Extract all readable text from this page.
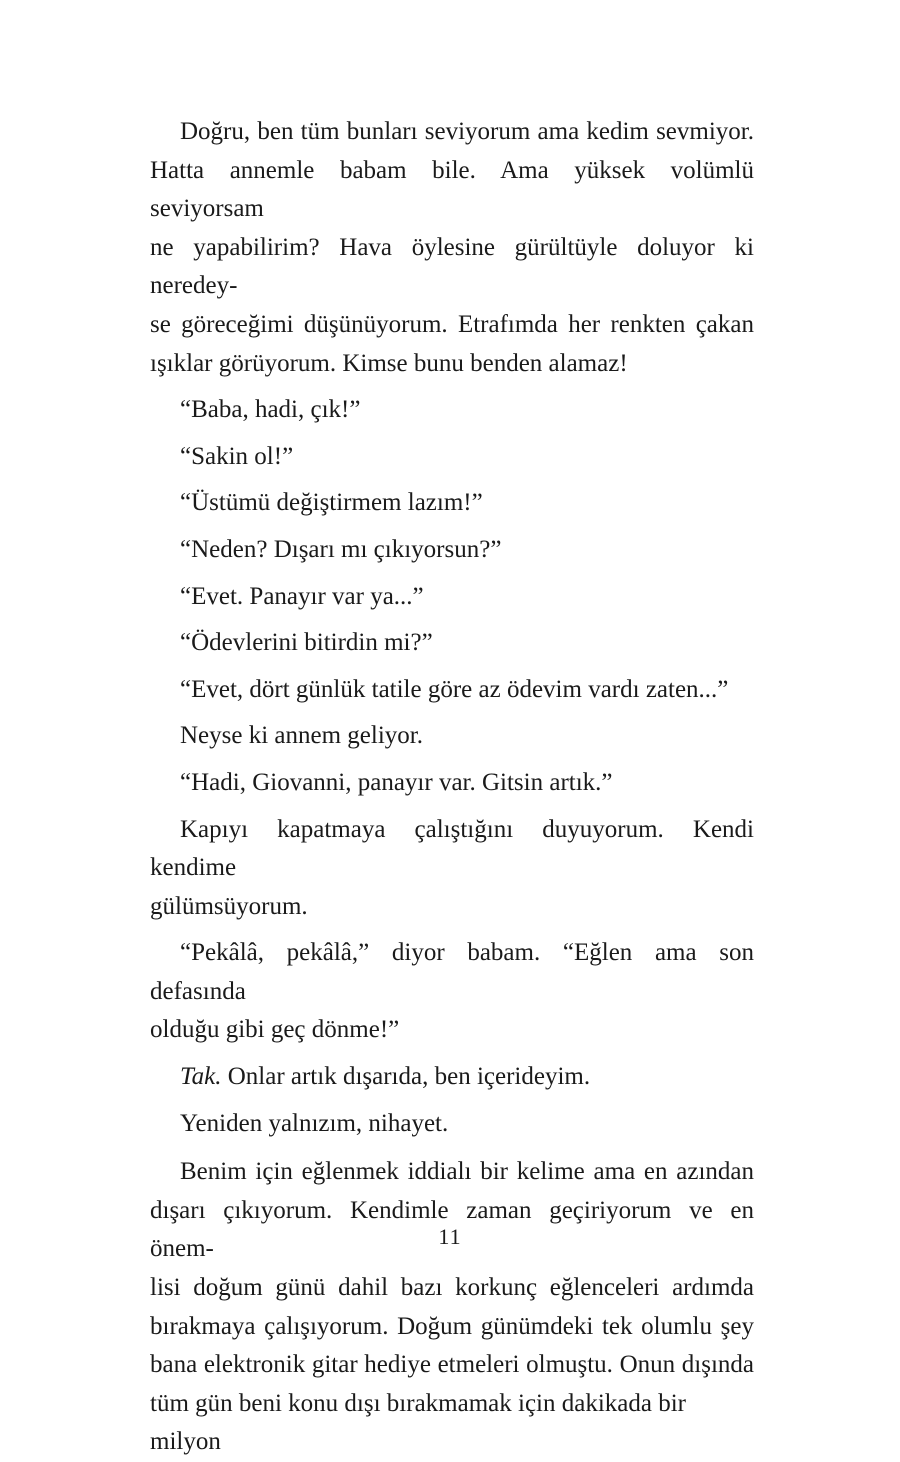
Doğru, ben tüm bunları seviyorum ama kedim sevmiyor.
Hatta annemle babam bile. Ama yüksek volümlü seviyorsam
ne yapabilirim? Hava öylesine gürültüyle doluyor ki neredey-
se göreceğimi düşünüyorum. Etrafımda her renkten çakan
ışıklar görüyorum. Kimse bunu benden alamaz!

“Baba, hadi, çık!”

“Sakin ol!”

“Üstümü değiştirmem lazım!”

“Neden? Dışarı mı çıkıyorsun?”

“Evet. Panayır var ya...”

“Ödevlerini bitirdin mi?”

“Evet, dört günlük tatile göre az ödevim vardı zaten...”

Neyse ki annem geliyor.

“Hadi, Giovanni, panayır var. Gitsin artık.”

Kapıyı kapatmaya çalıştığını duyuyorum. Kendi kendime
gülümsüyorum.

“Pekâlâ, pekâlâ,” diyor babam. “Eğlen ama son defasında
olduğu gibi geç dönme!”

Tak. Onlar artık dışarıda, ben içerideyim.

Yeniden yalnızım, nihayet.

Benim için eğlenmek iddialı bir kelime ama en azından
dışarı çıkıyorum. Kendimle zaman geçiriyorum ve en önem-
lisi doğum günü dahil bazı korkunç eğlenceleri ardımda
bırakmaya çalışıyorum. Doğum günümdeki tek olumlu şey
bana elektronik gitar hediye etmeleri olmuştu. Onun dışında
tüm gün beni konu dışı bırakmamak için dakikada bir milyon

11
